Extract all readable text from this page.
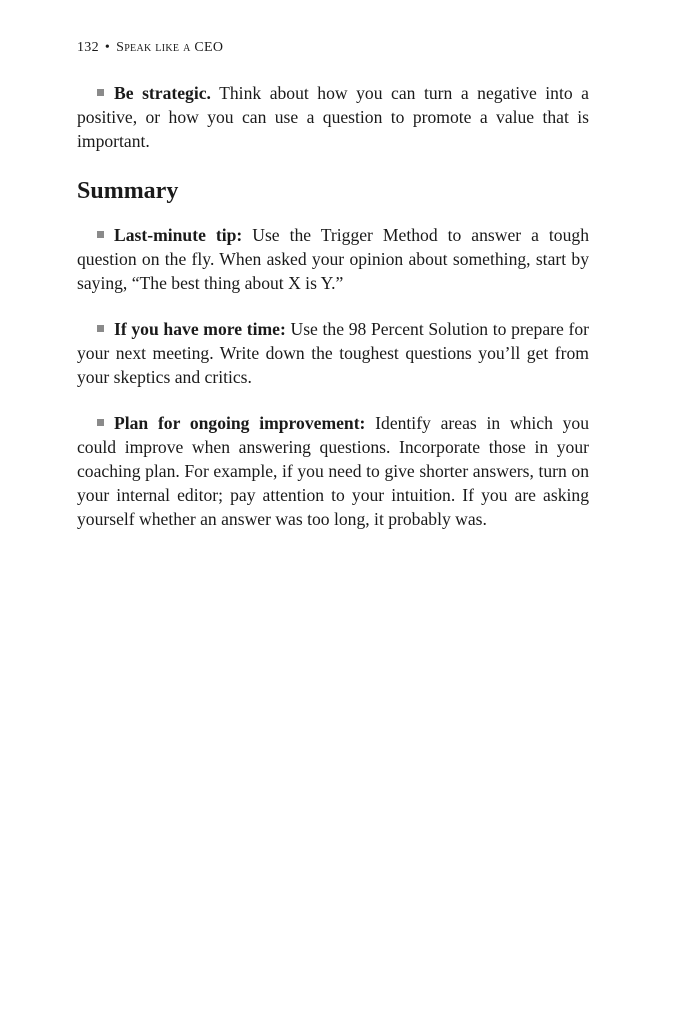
132 • Speak like a CEO

Be strategic. Think about how you can turn a negative into a positive, or how you can use a question to promote a value that is important.

Summary

Last-minute tip: Use the Trigger Method to answer a tough question on the fly. When asked your opinion about something, start by saying, “The best thing about X is Y.”

If you have more time: Use the 98 Percent Solution to prepare for your next meeting. Write down the toughest questions you’ll get from your skeptics and critics.

Plan for ongoing improvement: Identify areas in which you could improve when answering questions. Incorporate those in your coaching plan. For example, if you need to give shorter answers, turn on your internal editor; pay attention to your intuition. If you are asking yourself whether an answer was too long, it probably was.
